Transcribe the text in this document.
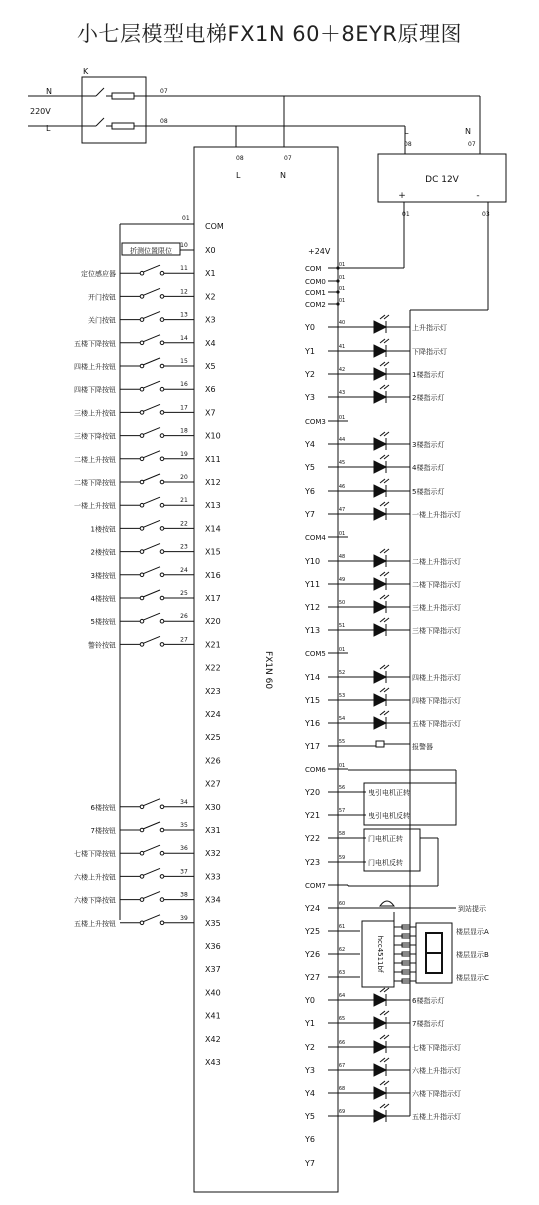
小七层模型电梯FX1N 60＋8EYR原理图
K
N
220V
L
07
08
L	N
08	07
DC 12V
+	-
01	03
08	07
L	N
COM
01
+24V
FX1N 60
X0
折测位置限位
10
X1
定位感应器
11
X2
开门按钮
12
X3
关门按钮
13
X4
五楼下降按钮
14
X5
四楼上升按钮
15
X6
四楼下降按钮
16
X7
三楼上升按钮
17
X10
三楼下降按钮
18
X11
二楼上升按钮
19
X12
二楼下降按钮
20
X13
一楼上升按钮
21
X14
1楼按钮
22
X15
2楼按钮
23
X16
3楼按钮
24
X17
4楼按钮
25
X20
5楼按钮
26
X21
警铃按钮
27
X22
X23
X24
X25
X26
X27
X30
6楼按钮
34
X31
7楼按钮
35
X32
七楼下降按钮
36
X33
六楼上升按钮
37
X34
六楼下降按钮
38
X35
五楼上升按钮
39
X36
X37
X40
X41
X42
X43
COM	01
COM0	01
COM1	01
COM2	01
Y0	40
上升指示灯
Y1	41
下降指示灯
Y2	42
1楼指示灯
Y3	43
2楼指示灯
COM3	01
Y4	44
3楼指示灯
Y5	45
4楼指示灯
Y6	46
5楼指示灯
Y7	47
一楼上升指示灯
COM4	01
Y10	48
二楼上升指示灯
Y11	49
二楼下降指示灯
Y12	50
三楼上升指示灯
Y13	51
三楼下降指示灯
COM5	01
Y14	52
四楼上升指示灯
Y15	53
四楼下降指示灯
Y16	54
五楼下降指示灯
Y17	55
报警器
COM6	01
Y20	56
曳引电机正转
Y21	57
曳引电机反转
Y22	58
门电机正转
Y23	59
门电机反转
COM7
Y24	60
到站提示
Y25	61
楼层显示A
Y26	62
楼层显示B
Y27	63
楼层显示C
Y0	64
6楼指示灯
Y1	65
7楼指示灯
Y2	66
七楼下降指示灯
Y3	67
六楼上升指示灯
Y4	68
六楼下降指示灯
Y5	69
五楼上升指示灯
Y6
Y7
hcc4511bf
